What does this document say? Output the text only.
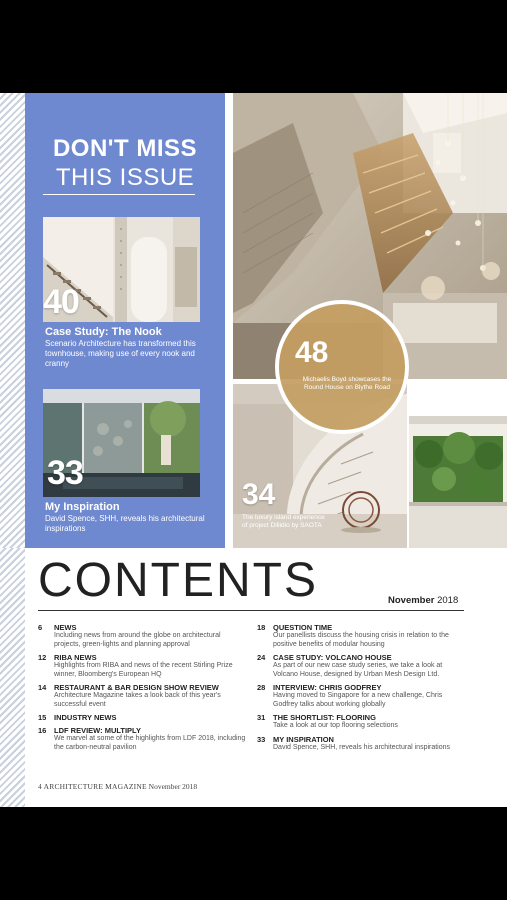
DON'T MISS
THIS ISSUE
40
Case Study: The Nook
Scenario Architecture has transformed this townhouse, making use of every nook and cranny
33
My Inspiration
David Spence, SHH, reveals his architectural inspirations
48
Michaelis Boyd showcases the Round House on Blythe Road
34
The luxury island experience of project Dillidio by SAOTA
CONTENTS	November 2018
6 NEWS
Including news from around the globe on architectural projects, green-lights and planning approval
12 RIBA NEWS
Highlights from RIBA and news of the recent Stirling Prize winner, Bloomberg's European HQ
14 RESTAURANT & BAR DESIGN SHOW REVIEW
Architecture Magazine takes a look back of this year's successful event
15 INDUSTRY NEWS
16 LDF REVIEW: MULTIPLY
We marvel at some of the highlights from LDF 2018, including the carbon-neutral pavilion
18 QUESTION TIME
Our panellists discuss the housing crisis in relation to the positive benefits of modular housing
24 CASE STUDY: VOLCANO HOUSE
As part of our new case study series, we take a look at Volcano House, designed by Urban Mesh Design Ltd.
28 INTERVIEW: CHRIS GODFREY
Having moved to Singapore for a new challenge, Chris Godfrey talks about working globally
31 THE SHORTLIST: FLOORING
Take a look at our top flooring selections
33 MY INSPIRATION
David Spence, SHH, reveals his architectural inspirations
4 ARCHITECTURE MAGAZINE November 2018
